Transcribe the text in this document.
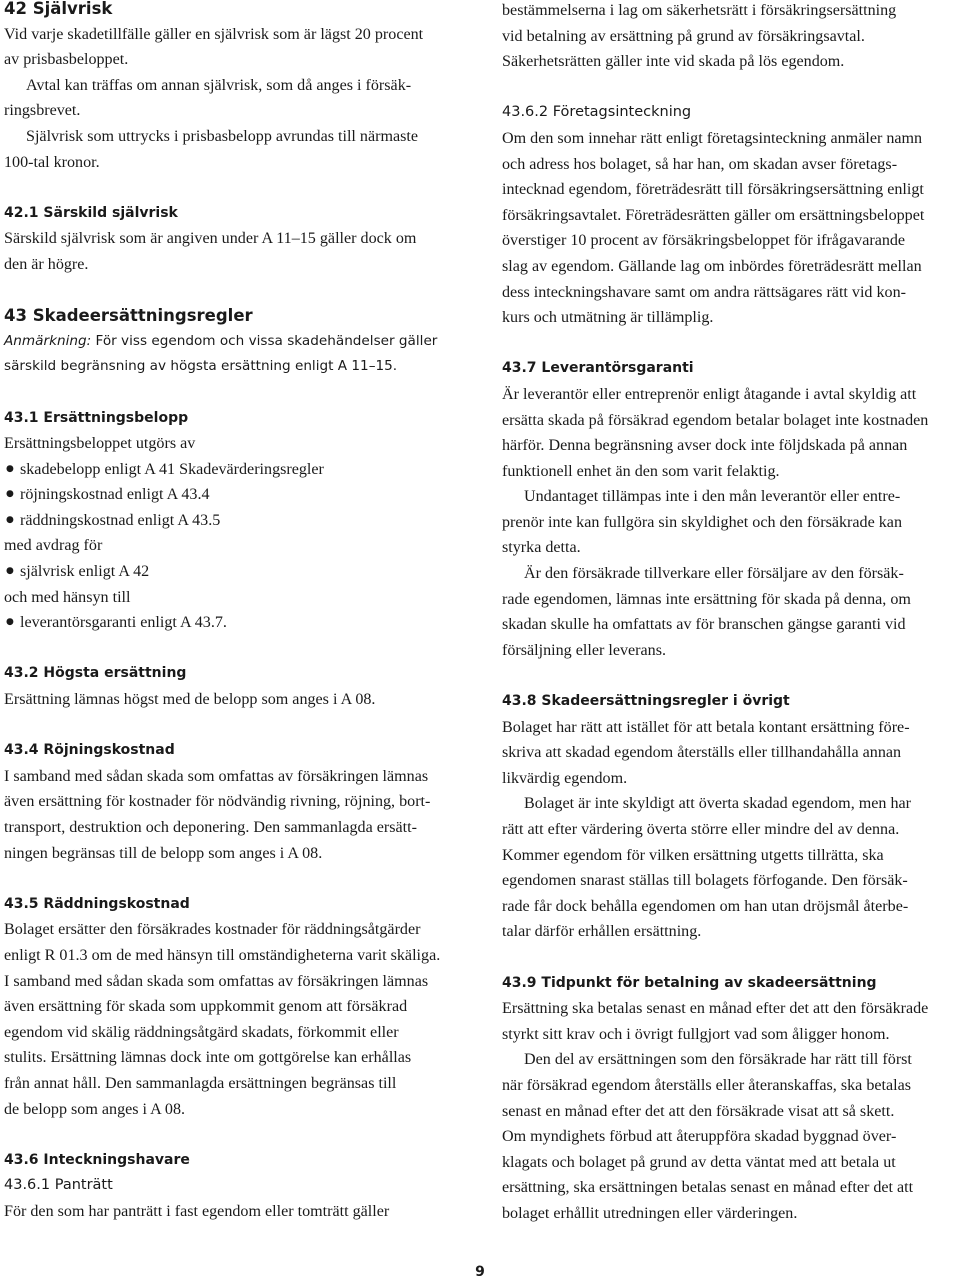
42 Självrisk

Vid varje skadetillfälle gäller en självrisk som är lägst 20 procent

av prisbasbeloppet.

Avtal kan träffas om annan självrisk, som då anges i försäk-

ringsbrevet.

Självrisk som uttrycks i prisbasbelopp avrundas till närmaste

100-tal kronor.

42.1 Särskild självrisk

Särskild självrisk som är angiven under A 11–15 gäller dock om

den är högre.

43 Skadeersättningsregler

Anmärkning: För viss egendom och vissa skadehändelser gäller

särskild begränsning av högsta ersättning enligt A 11–15.

43.1 Ersättningsbelopp

Ersättningsbeloppet utgörs av

● skadebelopp enligt A 41 Skadevärderingsregler

● röjningskostnad enligt A 43.4

● räddningskostnad enligt A 43.5

med avdrag för

● självrisk enligt A 42

och med hänsyn till

● leverantörsgaranti enligt A 43.7.

43.2 Högsta ersättning

Ersättning lämnas högst med de belopp som anges i A 08.

43.4 Röjningskostnad

I samband med sådan skada som omfattas av försäkringen lämnas

även ersättning för kostnader för nödvändig rivning, röjning, bort-

transport, destruktion och deponering. Den sammanlagda ersätt-

ningen begränsas till de belopp som anges i A 08.

43.5 Räddningskostnad

Bolaget ersätter den försäkrades kostnader för räddningsåtgärder

enligt R 01.3 om de med hänsyn till omständigheterna varit skäliga.

I samband med sådan skada som omfattas av försäkringen lämnas

även ersättning för skada som uppkommit genom att försäkrad

egendom vid skälig räddningsåtgärd skadats, förkommit eller

stulits. Ersättning lämnas dock inte om gottgörelse kan erhållas

från annat håll. Den sammanlagda ersättningen begränsas till

de belopp som anges i A 08.

43.6 Inteckningshavare

43.6.1 Panträtt

För den som har panträtt i fast egendom eller tomträtt gäller

bestämmelserna i lag om säkerhetsrätt i försäkringsersättning

vid betalning av ersättning på grund av försäkringsavtal.

Säkerhetsrätten gäller inte vid skada på lös egendom.

43.6.2 Företagsinteckning

Om den som innehar rätt enligt företagsinteckning anmäler namn

och adress hos bolaget, så har han, om skadan avser företags-

intecknad egendom, företrädesrätt till försäkringsersättning enligt

försäkringsavtalet. Företrädesrätten gäller om ersättningsbeloppet

överstiger 10 procent av försäkringsbeloppet för ifrågavarande

slag av egendom. Gällande lag om inbördes företrädesrätt mellan

dess inteckningshavare samt om andra rättsägares rätt vid kon-

kurs och utmätning är tillämplig.

43.7 Leverantörsgaranti

Är leverantör eller entreprenör enligt åtagande i avtal skyldig att

ersätta skada på försäkrad egendom betalar bolaget inte kostnaden

härför. Denna begränsning avser dock inte följdskada på annan

funktionell enhet än den som varit felaktig.

Undantaget tillämpas inte i den mån leverantör eller entre-

prenör inte kan fullgöra sin skyldighet och den försäkrade kan

styrka detta.

Är den försäkrade tillverkare eller försäljare av den försäk-

rade egendomen, lämnas inte ersättning för skada på denna, om

skadan skulle ha omfattats av för branschen gängse garanti vid

försäljning eller leverans.

43.8 Skadeersättningsregler i övrigt

Bolaget har rätt att istället för att betala kontant ersättning före-

skriva att skadad egendom återställs eller tillhandahålla annan

likvärdig egendom.

Bolaget är inte skyldigt att överta skadad egendom, men har

rätt att efter värdering överta större eller mindre del av denna.

Kommer egendom för vilken ersättning utgetts tillrätta, ska

egendomen snarast ställas till bolagets förfogande. Den försäk-

rade får dock behålla egendomen om han utan dröjsmål återbe-

talar därför erhållen ersättning.

43.9 Tidpunkt för betalning av skadeersättning

Ersättning ska betalas senast en månad efter det att den försäkrade

styrkt sitt krav och i övrigt fullgjort vad som åligger honom.

Den del av ersättningen som den försäkrade har rätt till först

när försäkrad egendom återställs eller återanskaffas, ska betalas

senast en månad efter det att den försäkrade visat att så skett.

Om myndighets förbud att återuppföra skadad byggnad över-

klagats och bolaget på grund av detta väntat med att betala ut

ersättning, ska ersättningen betalas senast en månad efter det att

bolaget erhållit utredningen eller värderingen.

9
